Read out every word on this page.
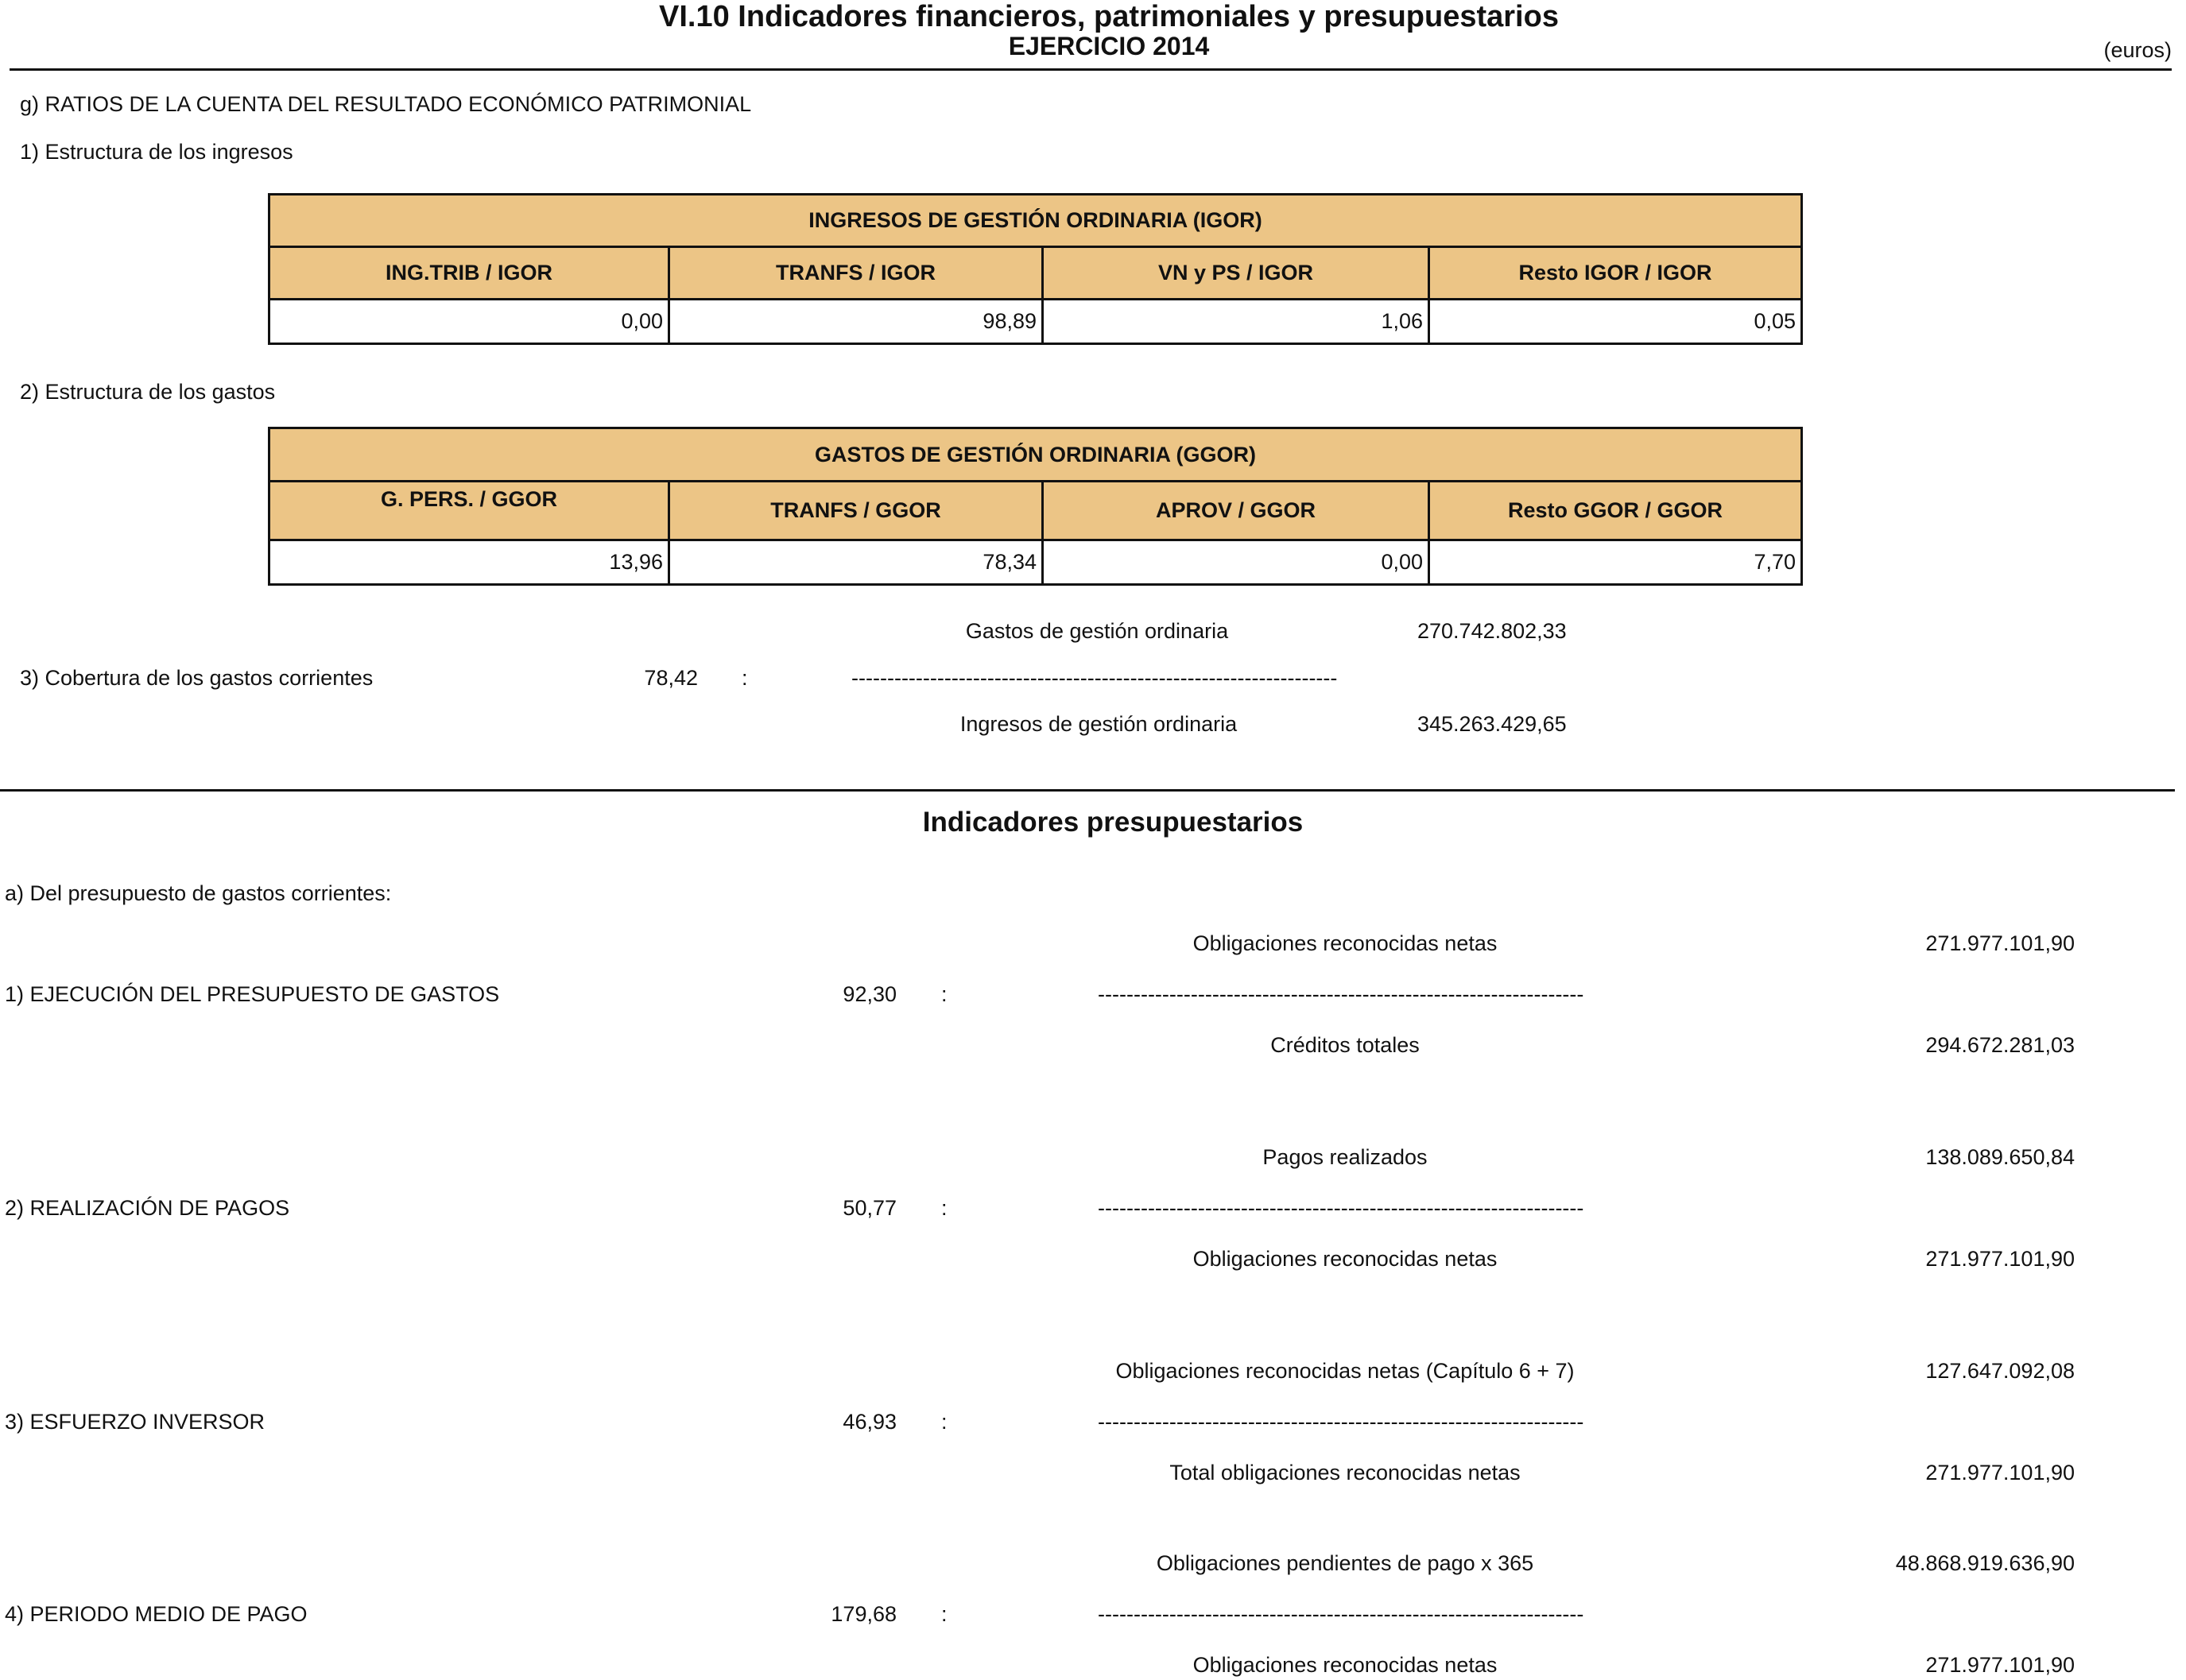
VI.10 Indicadores financieros, patrimoniales y presupuestarios
EJERCICIO 2014	(euros)
g) RATIOS DE LA CUENTA DEL RESULTADO ECONÓMICO PATRIMONIAL
1) Estructura de los ingresos
INGRESOS DE GESTIÓN ORDINARIA (IGOR)			
ING.TRIB / IGOR	TRANFS / IGOR	VN y PS / IGOR	Resto IGOR / IGOR
0,00	98,89	1,06	0,05
2) Estructura de los gastos
GASTOS DE GESTIÓN ORDINARIA (GGOR)			
G. PERS. / GGOR	TRANFS / GGOR	APROV / GGOR	Resto GGOR / GGOR
13,96	78,34	0,00	7,70
Gastos de gestión ordinaria	270.742.802,33
3) Cobertura de los gastos corrientes	78,42 :	--------------------------------------------------------------------
Ingresos de gestión ordinaria	345.263.429,65
Indicadores presupuestarios
a) Del presupuesto de gastos corrientes:
Obligaciones reconocidas netas	271.977.101,90
1) EJECUCIÓN DEL PRESUPUESTO DE GASTOS	92,30 :	--------------------------------------------------------------------
Créditos totales	294.672.281,03
Pagos realizados	138.089.650,84
2) REALIZACIÓN DE PAGOS	50,77 :	--------------------------------------------------------------------
Obligaciones reconocidas netas	271.977.101,90
Obligaciones reconocidas netas (Capítulo 6 + 7)	127.647.092,08
3) ESFUERZO INVERSOR	46,93 :	--------------------------------------------------------------------
Total obligaciones reconocidas netas	271.977.101,90
Obligaciones pendientes de pago x 365	48.868.919.636,90
4) PERIODO MEDIO DE PAGO	179,68 :	--------------------------------------------------------------------
Obligaciones reconocidas netas	271.977.101,90
